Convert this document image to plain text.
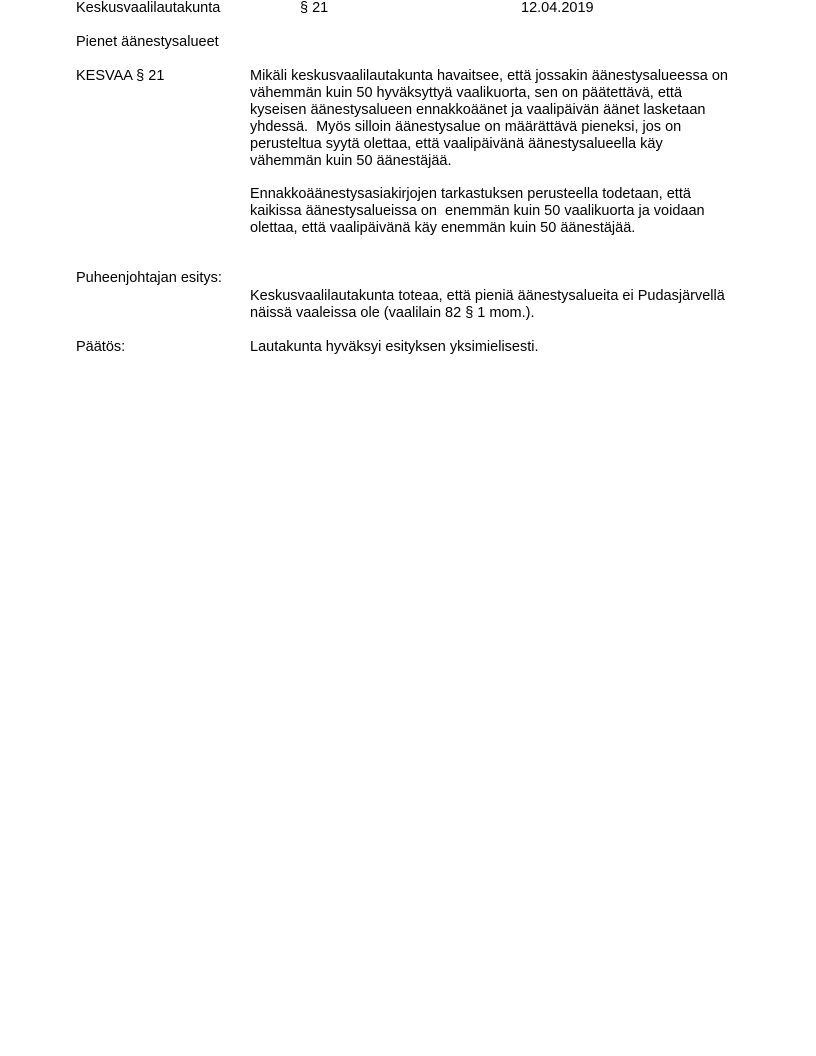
Keskusvaalilautakunta	§ 21	12.04.2019
Pienet äänestysalueet
KESVAA § 21	Mikäli keskusvaalilautakunta havaitsee, että jossakin äänestysalueessa on
vähemmän kuin 50 hyväksyttyä vaalikuorta, sen on päätettävä, että
kyseisen äänestysalueen ennakkoäänet ja vaalipäivän äänet lasketaan
yhdessä.  Myös silloin äänestysalue on määrättävä pieneksi, jos on
perusteltua syytä olettaa, että vaalipäivänä äänestysalueella käy
vähemmän kuin 50 äänestäjää.
Ennakkoäänestysasiakirjojen tarkastuksen perusteella todetaan, että
kaikissa äänestysalueissa on  enemmän kuin 50 vaalikuorta ja voidaan
olettaa, että vaalipäivänä käy enemmän kuin 50 äänestäjää.
Puheenjohtajan esitys:
Keskusvaalilautakunta toteaa, että pieniä äänestysalueita ei Pudasjärvellä
näissä vaaleissa ole (vaalilain 82 § 1 mom.).
Päätös:	Lautakunta hyväksyi esityksen yksimielisesti.
